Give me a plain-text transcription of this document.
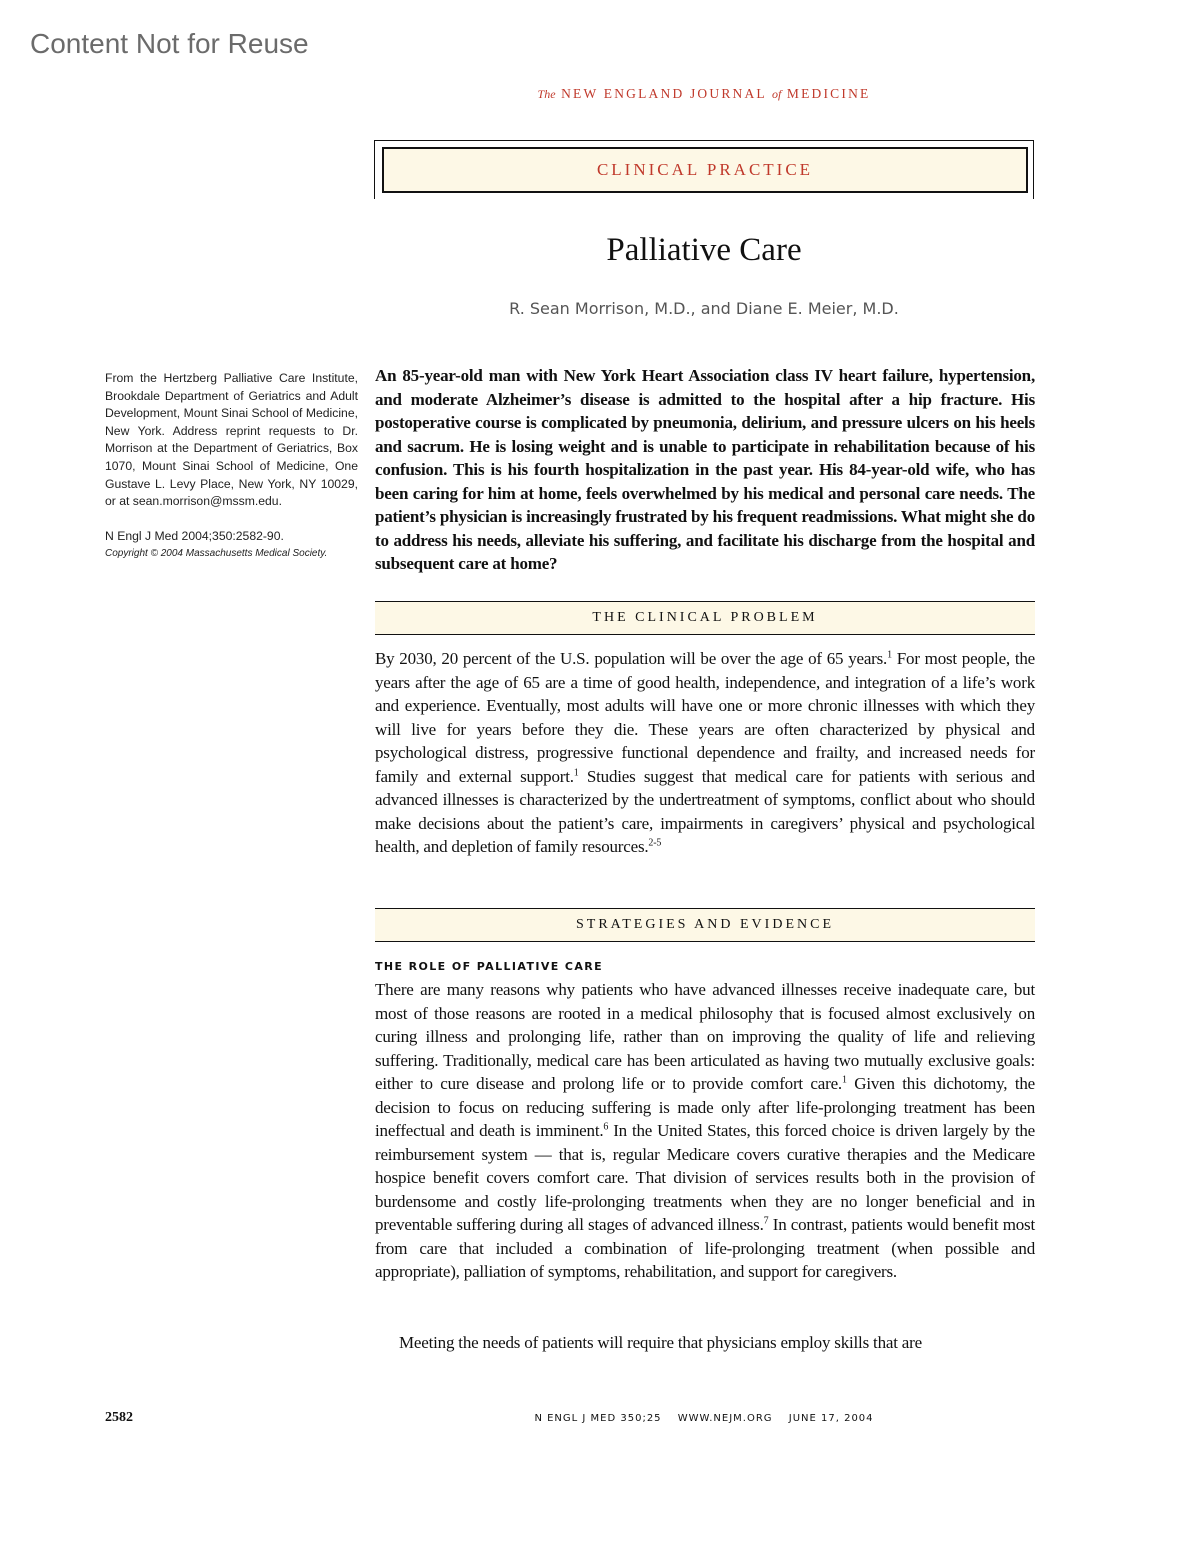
Content Not for Reuse
The NEW ENGLAND JOURNAL of MEDICINE
CLINICAL PRACTICE
Palliative Care
R. Sean Morrison, M.D., and Diane E. Meier, M.D.

From the Hertzberg Palliative Care Institute, Brookdale Department of Geriatrics and Adult Development, Mount Sinai School of Medicine, New York. Address reprint requests to Dr. Morrison at the Department of Geriatrics, Box 1070, Mount Sinai School of Medicine, One Gustave L. Levy Place, New York, NY 10029, or at sean.morrison@mssm.edu.

N Engl J Med 2004;350:2582-90.

Copyright © 2004 Massachusetts Medical Society.

An 85-year-old man with New York Heart Association class IV heart failure, hypertension, and moderate Alzheimer’s disease is admitted to the hospital after a hip fracture. His postoperative course is complicated by pneumonia, delirium, and pressure ulcers on his heels and sacrum. He is losing weight and is unable to participate in rehabilitation because of his confusion. This is his fourth hospitalization in the past year. His 84-year-old wife, who has been caring for him at home, feels overwhelmed by his medical and personal care needs. The patient’s physician is increasingly frustrated by his frequent readmissions. What might she do to address his needs, alleviate his suffering, and facilitate his discharge from the hospital and subsequent care at home?

THE CLINICAL PROBLEM

By 2030, 20 percent of the U.S. population will be over the age of 65 years.$^1$ For most people, the years after the age of 65 are a time of good health, independence, and integration of a life’s work and experience. Eventually, most adults will have one or more chronic illnesses with which they will live for years before they die. These years are often characterized by physical and psychological distress, progressive functional dependence and frailty, and increased needs for family and external support.$^1$ Studies suggest that medical care for patients with serious and advanced illnesses is characterized by the undertreatment of symptoms, conflict about who should make decisions about the patient’s care, impairments in caregivers’ physical and psychological health, and depletion of family resources.$^{2-5}$

STRATEGIES AND EVIDENCE
THE ROLE OF PALLIATIVE CARE

There are many reasons why patients who have advanced illnesses receive inadequate care, but most of those reasons are rooted in a medical philosophy that is focused almost exclusively on curing illness and prolonging life, rather than on improving the quality of life and relieving suffering. Traditionally, medical care has been articulated as having two mutually exclusive goals: either to cure disease and prolong life or to provide comfort care.$^1$ Given this dichotomy, the decision to focus on reducing suffering is made only after life-prolonging treatment has been ineffectual and death is imminent.$^6$ In the United States, this forced choice is driven largely by the reimbursement system — that is, regular Medicare covers curative therapies and the Medicare hospice benefit covers comfort care. That division of services results both in the provision of burdensome and costly life-prolonging treatments when they are no longer beneficial and in preventable suffering during all stages of advanced illness.$^7$ In contrast, patients would benefit most from care that included a combination of life-prolonging treatment (when possible and appropriate), palliation of symptoms, rehabilitation, and support for caregivers.

Meeting the needs of patients will require that physicians employ skills that are

2582	N ENGL J MED 350;25 WWW.NEJM.ORG JUNE 17, 2004
